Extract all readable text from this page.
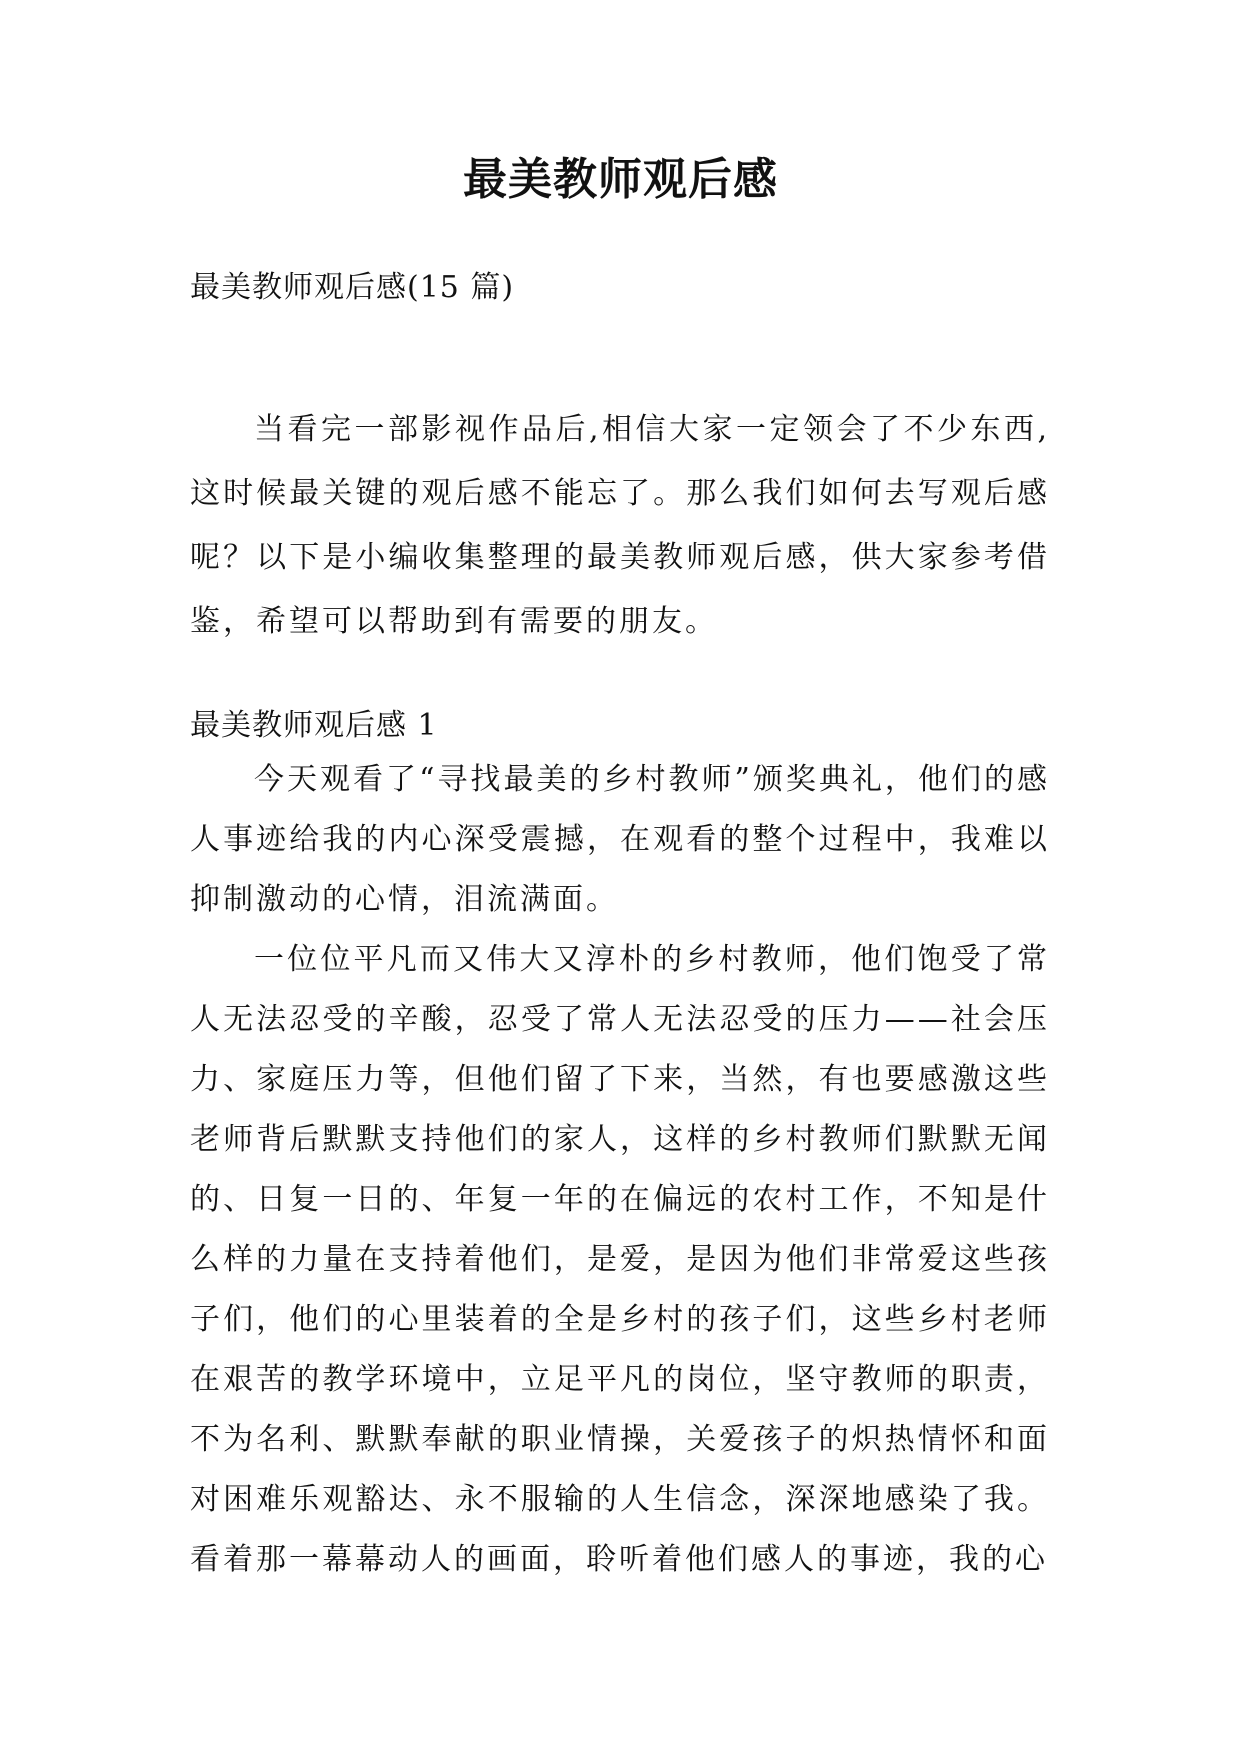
最美教师观后感
最美教师观后感(15 篇)

当看完一部影视作品后,相信大家一定领会了不少东西,这时候最关键的观后感不能忘了。那么我们如何去写观后感呢？以下是小编收集整理的最美教师观后感，供大家参考借鉴，希望可以帮助到有需要的朋友。

最美教师观后感 1

今天观看了“寻找最美的乡村教师”颁奖典礼，他们的感人事迹给我的内心深受震撼，在观看的整个过程中，我难以抑制激动的心情，泪流满面。

一位位平凡而又伟大又淳朴的乡村教师，他们饱受了常人无法忍受的辛酸，忍受了常人无法忍受的压力——社会压力、家庭压力等，但他们留了下来，当然，有也要感激这些老师背后默默支持他们的家人，这样的乡村教师们默默无闻的、日复一日的、年复一年的在偏远的农村工作，不知是什么样的力量在支持着他们，是爱，是因为他们非常爱这些孩子们，他们的心里装着的全是乡村的孩子们，这些乡村老师在艰苦的教学环境中，立足平凡的岗位，坚守教师的职责，不为名利、默默奉献的职业情操，关爱孩子的炽热情怀和面对困难乐观豁达、永不服输的人生信念，深深地感染了我。看着那一幕幕动人的画面，聆听着他们感人的事迹，我的心
